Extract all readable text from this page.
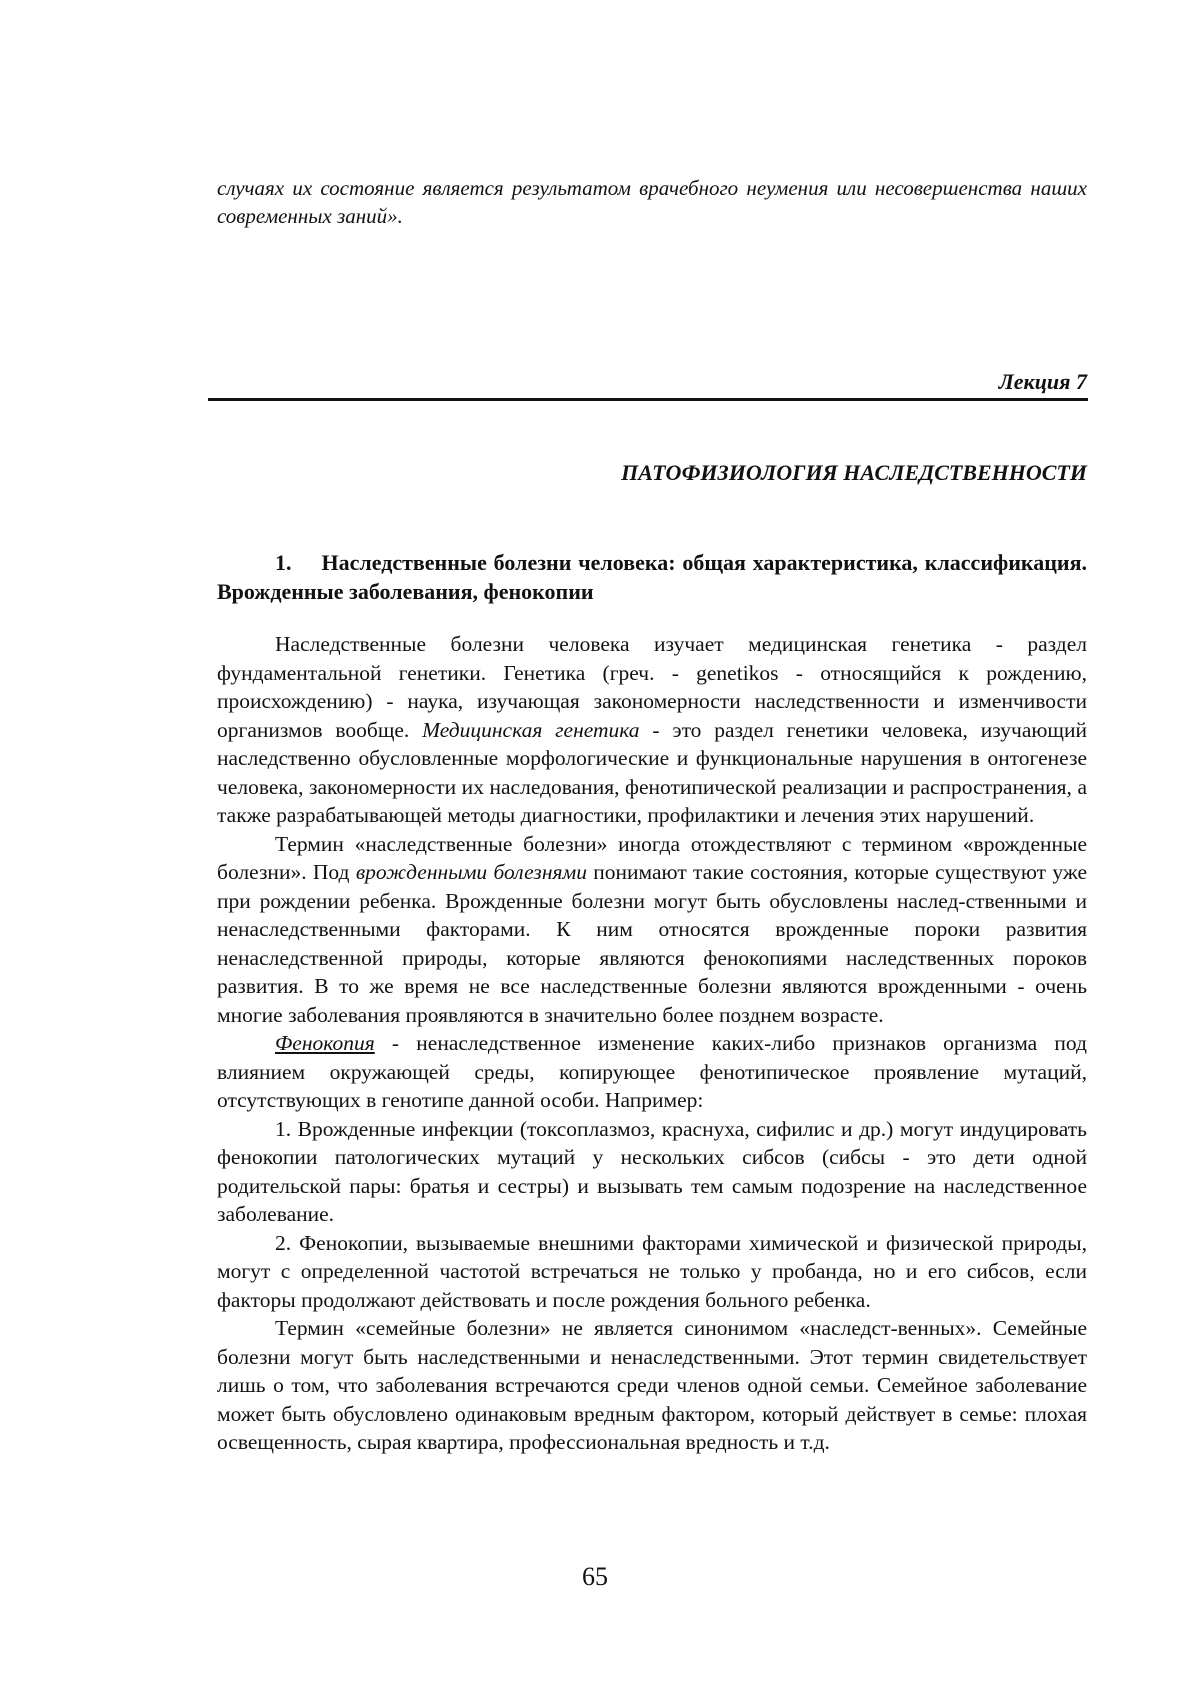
случаях их состояние является результатом врачебного неумения или несовершенства наших современных заний».
Лекция 7
ПАТОФИЗИОЛОГИЯ НАСЛЕДСТВЕННОСТИ
1. Наследственные болезни человека: общая характеристика, классификация. Врожденные заболевания, фенокопии

Наследственные болезни человека изучает медицинская генетика - раздел фундаментальной генетики. Генетика (греч. - genetikos - относящийся к рождению, происхождению) - наука, изучающая закономерности наследственности и изменчивости организмов вообще. Медицинская генетика - это раздел генетики человека, изучающий наследственно обусловленные морфологические и функциональные нарушения в онтогенезе человека, закономерности их наследования, фенотипической реализации и распространения, а также разрабатывающей методы диагностики, профилактики и лечения этих нарушений.

Термин «наследственные болезни» иногда отождествляют с термином «врожденные болезни». Под врожденными болезнями понимают такие состояния, которые существуют уже при рождении ребенка. Врожденные болезни могут быть обусловлены наслед-ственными и ненаследственными факторами. К ним относятся врожденные пороки развития ненаследственной природы, которые являются фенокопиями наследственных пороков развития. В то же время не все наследственные болезни являются врожденными - очень многие заболевания проявляются в значительно более позднем возрасте.

Фенокопия - ненаследственное изменение каких-либо признаков организма под влиянием окружающей среды, копирующее фенотипическое проявление мутаций, отсутствующих в генотипе данной особи. Например:

1. Врожденные инфекции (токсоплазмоз, краснуха, сифилис и др.) могут индуцировать фенокопии патологических мутаций у нескольких сибсов (сибсы - это дети одной родительской пары: братья и сестры) и вызывать тем самым подозрение на наследственное заболевание.

2. Фенокопии, вызываемые внешними факторами химической и физической природы, могут с определенной частотой встречаться не только у пробанда, но и его сибсов, если факторы продолжают действовать и после рождения больного ребенка.

Термин «семейные болезни» не является синонимом «наследст-венных». Семейные болезни могут быть наследственными и ненаследственными. Этот термин свидетельствует лишь о том, что заболевания встречаются среди членов одной семьи. Семейное заболевание может быть обусловлено одинаковым вредным фактором, который действует в семье: плохая освещенность, сырая квартира, профессиональная вредность и т.д.

65
